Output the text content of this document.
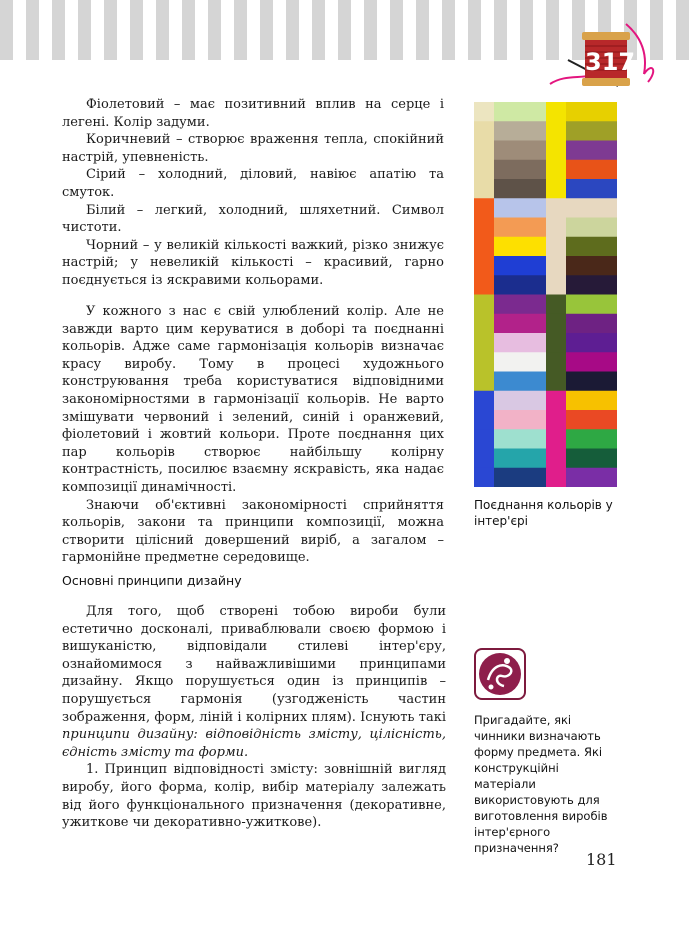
317

Фіолетовий – має позитивний вплив на серце і легені. Колір задуми.

Коричневий – створює враження тепла, спокійний настрій, упевненість.

Сірий – холодний, діловий, навіює апатію та смуток.

Білий – легкий, холодний, шляхетний. Символ чистоти.

Чорний – у великій кількості важкий, різко знижує настрій; у невеликій кількості – красивий, гарно поєднується із яскравими кольорами.

У кожного з нас є свій улюблений колір. Але не завжди варто цим керуватися в доборі та поєднанні кольорів. Адже саме гармонізація кольорів визначає красу виробу. Тому в процесі художнього конструювання треба користуватися відповідними закономірностями в гармонізації кольорів. Не варто змішувати червоний і зелений, синій і оранжевий, фіолетовий і жовтий кольори. Проте поєднання цих пар кольорів створює найбільшу колірну контрастність, посилює взаємну яскравість, яка надає композиції динамічності.

Знаючи об'єктивні закономірності сприйняття кольорів, закони та принципи композиції, можна створити цілісний довершений виріб, а загалом – гармонійне предметне середовище.

Основні принципи дизайну

Для того, щоб створені тобою вироби були естетично досконалі, приваблювали своєю формою і вишуканістю, відповідали стилеві інтер'єру, ознайомимося з найважливішими принципами дизайну. Якщо порушується один із принципів – порушується гармонія (узгодженість частин зображення, форм, ліній і колірних плям). Існують такі принципи дизайну: відповідність змісту, цілісність, єдність змісту та форми.

1. Принцип відповідності змісту: зовнішній вигляд виробу, його форма, колір, вибір матеріалу залежать від його функціонального призначення (декоративне, ужиткове чи декоративно-ужиткове).

Поєднання кольорів у інтер'єрі
Пригадайте, які чинники визначають форму предмета. Які конструкційні матеріали використовують для виготовлення виробів інтер'єрного призначення?
181
